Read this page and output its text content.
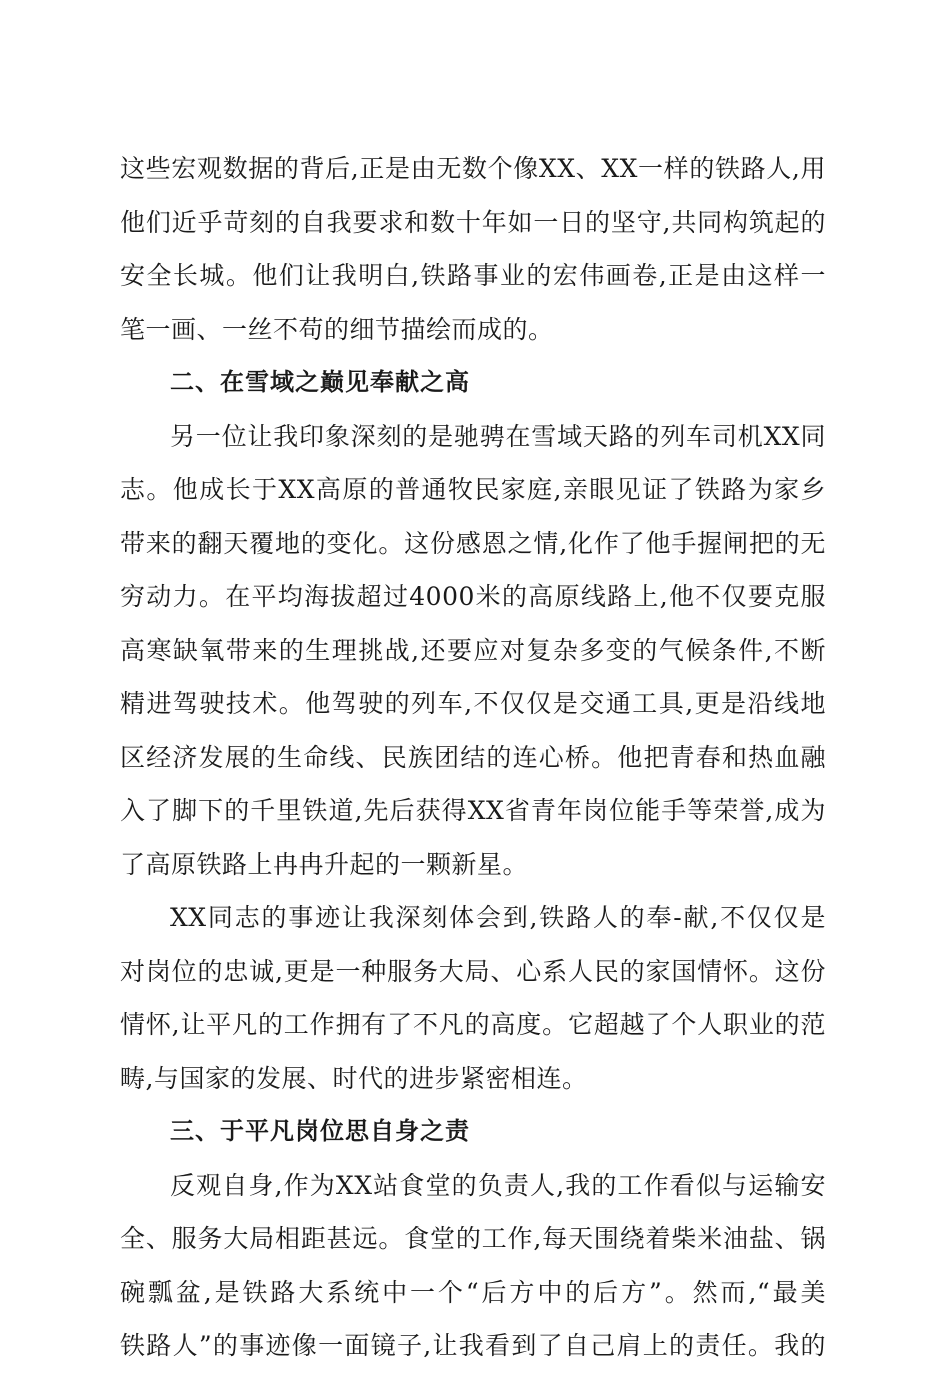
这些宏观数据的背后,正是由无数个像XX、XX一样的铁路人,用
他们近乎苛刻的自我要求和数十年如一日的坚守,共同构筑起的
安全长城。他们让我明白,铁路事业的宏伟画卷,正是由这样一
笔一画、一丝不苟的细节描绘而成的。
二、在雪域之巅见奉献之高
另一位让我印象深刻的是驰骋在雪域天路的列车司机XX同
志。他成长于XX高原的普通牧民家庭,亲眼见证了铁路为家乡
带来的翻天覆地的变化。这份感恩之情,化作了他手握闸把的无
穷动力。在平均海拔超过4000米的高原线路上,他不仅要克服
高寒缺氧带来的生理挑战,还要应对复杂多变的气候条件,不断
精进驾驶技术。他驾驶的列车,不仅仅是交通工具,更是沿线地
区经济发展的生命线、民族团结的连心桥。他把青春和热血融
入了脚下的千里铁道,先后获得XX省青年岗位能手等荣誉,成为
了高原铁路上冉冉升起的一颗新星。
XX同志的事迹让我深刻体会到,铁路人的奉-献,不仅仅是
对岗位的忠诚,更是一种服务大局、心系人民的家国情怀。这份
情怀,让平凡的工作拥有了不凡的高度。它超越了个人职业的范
畴,与国家的发展、时代的进步紧密相连。
三、于平凡岗位思自身之责
反观自身,作为XX站食堂的负责人,我的工作看似与运输安
全、服务大局相距甚远。食堂的工作,每天围绕着柴米油盐、锅
碗瓢盆,是铁路大系统中一个“后方中的后方”。然而,“最美
铁路人”的事迹像一面镜子,让我看到了自己肩上的责任。我的
